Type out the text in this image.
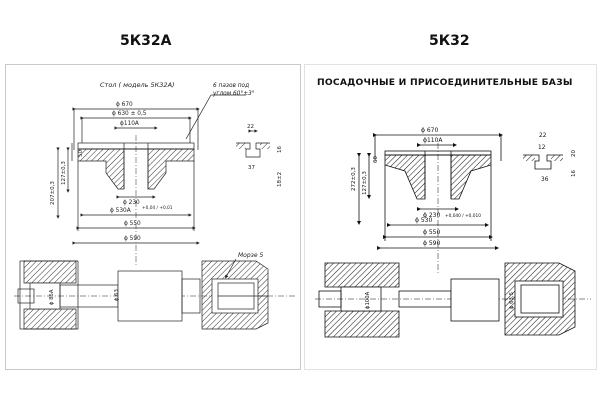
5К32А	5К32
Стол ( модель 5К32А)	6 пазов под
углом 60°±3°
ϕ 670
ϕ 630 ± 0,5
ϕ110А
207±0,3
127±0,3
50
ϕ 230
ϕ 530А	+0,04 / +0,01
ϕ 550
ϕ 590
22
37
16
18±2
ϕ 85А	ϕ 63
Морзе 5
ПОСАДОЧНЫЕ И ПРИСОЕДИНИТЕЛЬНЫЕ БАЗЫ
ϕ 670
ϕ110А
272±0,3 127±0,3
60
ϕ 230
ϕ 530
+0,040 / +0,010
ϕ 550
ϕ 590
22
12
20
36
16
ϕ100А	ϕ 63,5
